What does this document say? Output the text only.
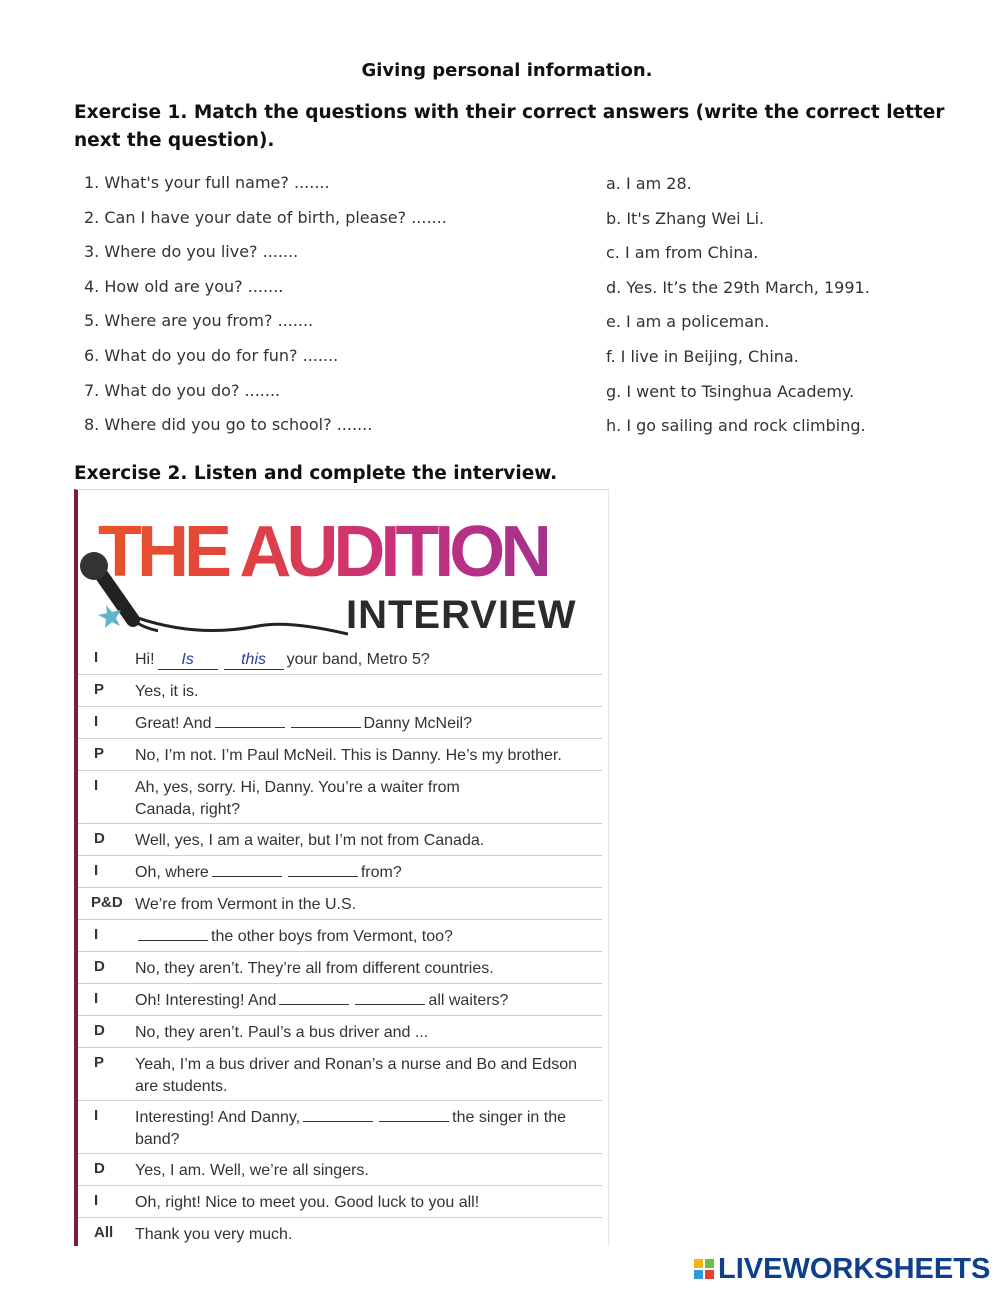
Giving personal information.
Exercise 1. Match the questions with their correct answers (write the correct letter next the question).
1. What's your full name? .......
2. Can I have your date of birth, please? .......
3. Where do you live? .......
4. How old are you? .......
5. Where are you from? .......
6. What do you do for fun? .......
7. What do you do? .......
8. Where did you go to school? .......
a. I am 28.
b. It's Zhang Wei Li.
c. I am from China.
d. Yes. It’s the 29th March, 1991.
e. I am a policeman.
f. I live in Beijing, China.
g. I went to Tsinghua Academy.
h. I go sailing and rock climbing.
Exercise 2. Listen and complete the interview.
THE AUDITION
INTERVIEW
I Hi! Is	this your band, Metro 5?
P Yes, it is.
I Great! And	Danny McNeil?
P No, I’m not. I’m Paul McNeil. This is Danny. He’s my brother.
I Ah, yes, sorry. Hi, Danny. You’re a waiter from
Canada, right?
D Well, yes, I am a waiter, but I’m not from Canada.
I Oh, where	from?
P&D We’re from Vermont in the U.S.
I	the other boys from Vermont, too?
D No, they aren’t. They’re all from different countries.
I Oh! Interesting! And	all waiters?
D No, they aren’t. Paul’s a bus driver and ...
P Yeah, I’m a bus driver and Ronan’s a nurse and Bo and Edson
are students.
I Interesting! And Danny,	the singer in the
band?
D Yes, I am. Well, we’re all singers.
I Oh, right! Nice to meet you. Good luck to you all!
All Thank you very much.
LIVEWORKSHEETS
